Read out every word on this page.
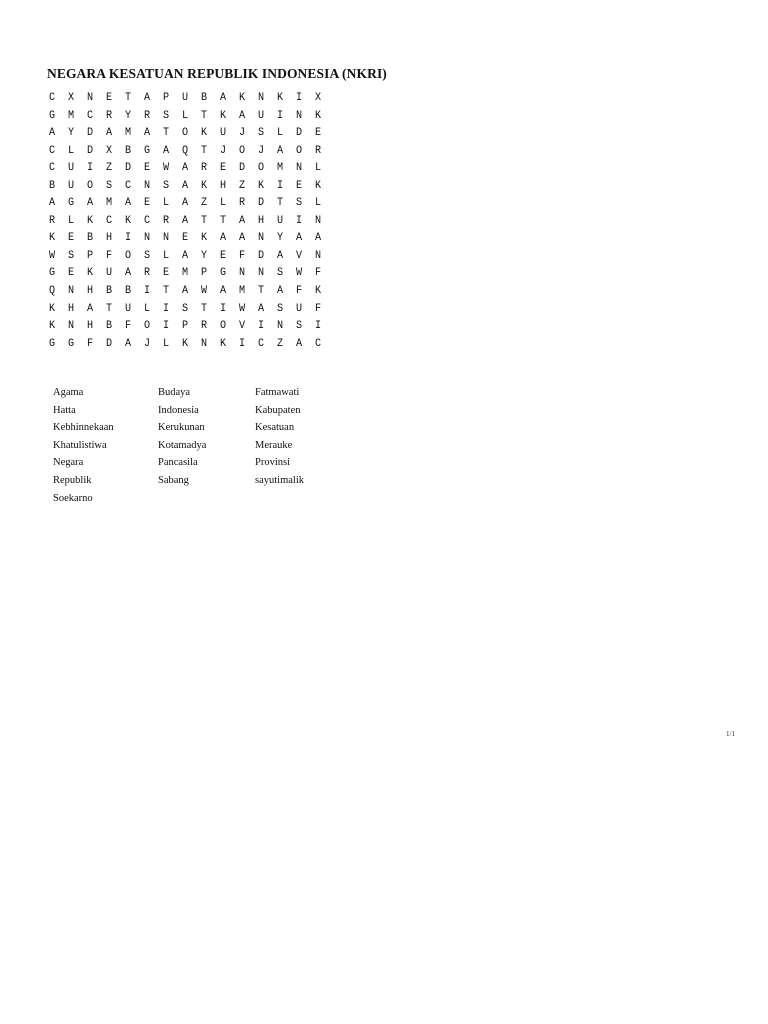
NEGARA KESATUAN REPUBLIK INDONESIA (NKRI)
C	X	N	E	T	A	P	U	B	A	K	N	K	I	X
G	M	C	R	Y	R	S	L	T	K	A	U	I	N	K
A	Y	D	A	M	A	T	O	K	U	J	S	L	D	E
C	L	D	X	B	G	A	Q	T	J	O	J	A	O	R
C	U	I	Z	D	E	W	A	R	E	D	O	M	N	L
B	U	O	S	C	N	S	A	K	H	Z	K	I	E	K
A	G	A	M	A	E	L	A	Z	L	R	D	T	S	L
R	L	K	C	K	C	R	A	T	T	A	H	U	I	N
K	E	B	H	I	N	N	E	K	A	A	N	Y	A	A
W	S	P	F	O	S	L	A	Y	E	F	D	A	V	N
G	E	K	U	A	R	E	M	P	G	N	N	S	W	F
Q	N	H	B	B	I	T	A	W	A	M	T	A	F	K
K	H	A	T	U	L	I	S	T	I	W	A	S	U	F
K	N	H	B	F	O	I	P	R	O	V	I	N	S	I
G	G	F	D	A	J	L	K	N	K	I	C	Z	A	C
Agama
Hatta
Kebhinnekaan
Khatulistiwa
Negara
Republik
Soekarno
Budaya
Indonesia
Kerukunan
Kotamadya
Pancasila
Sabang
Fatmawati
Kabupaten
Kesatuan
Merauke
Provinsi
sayutimalik
1/1
